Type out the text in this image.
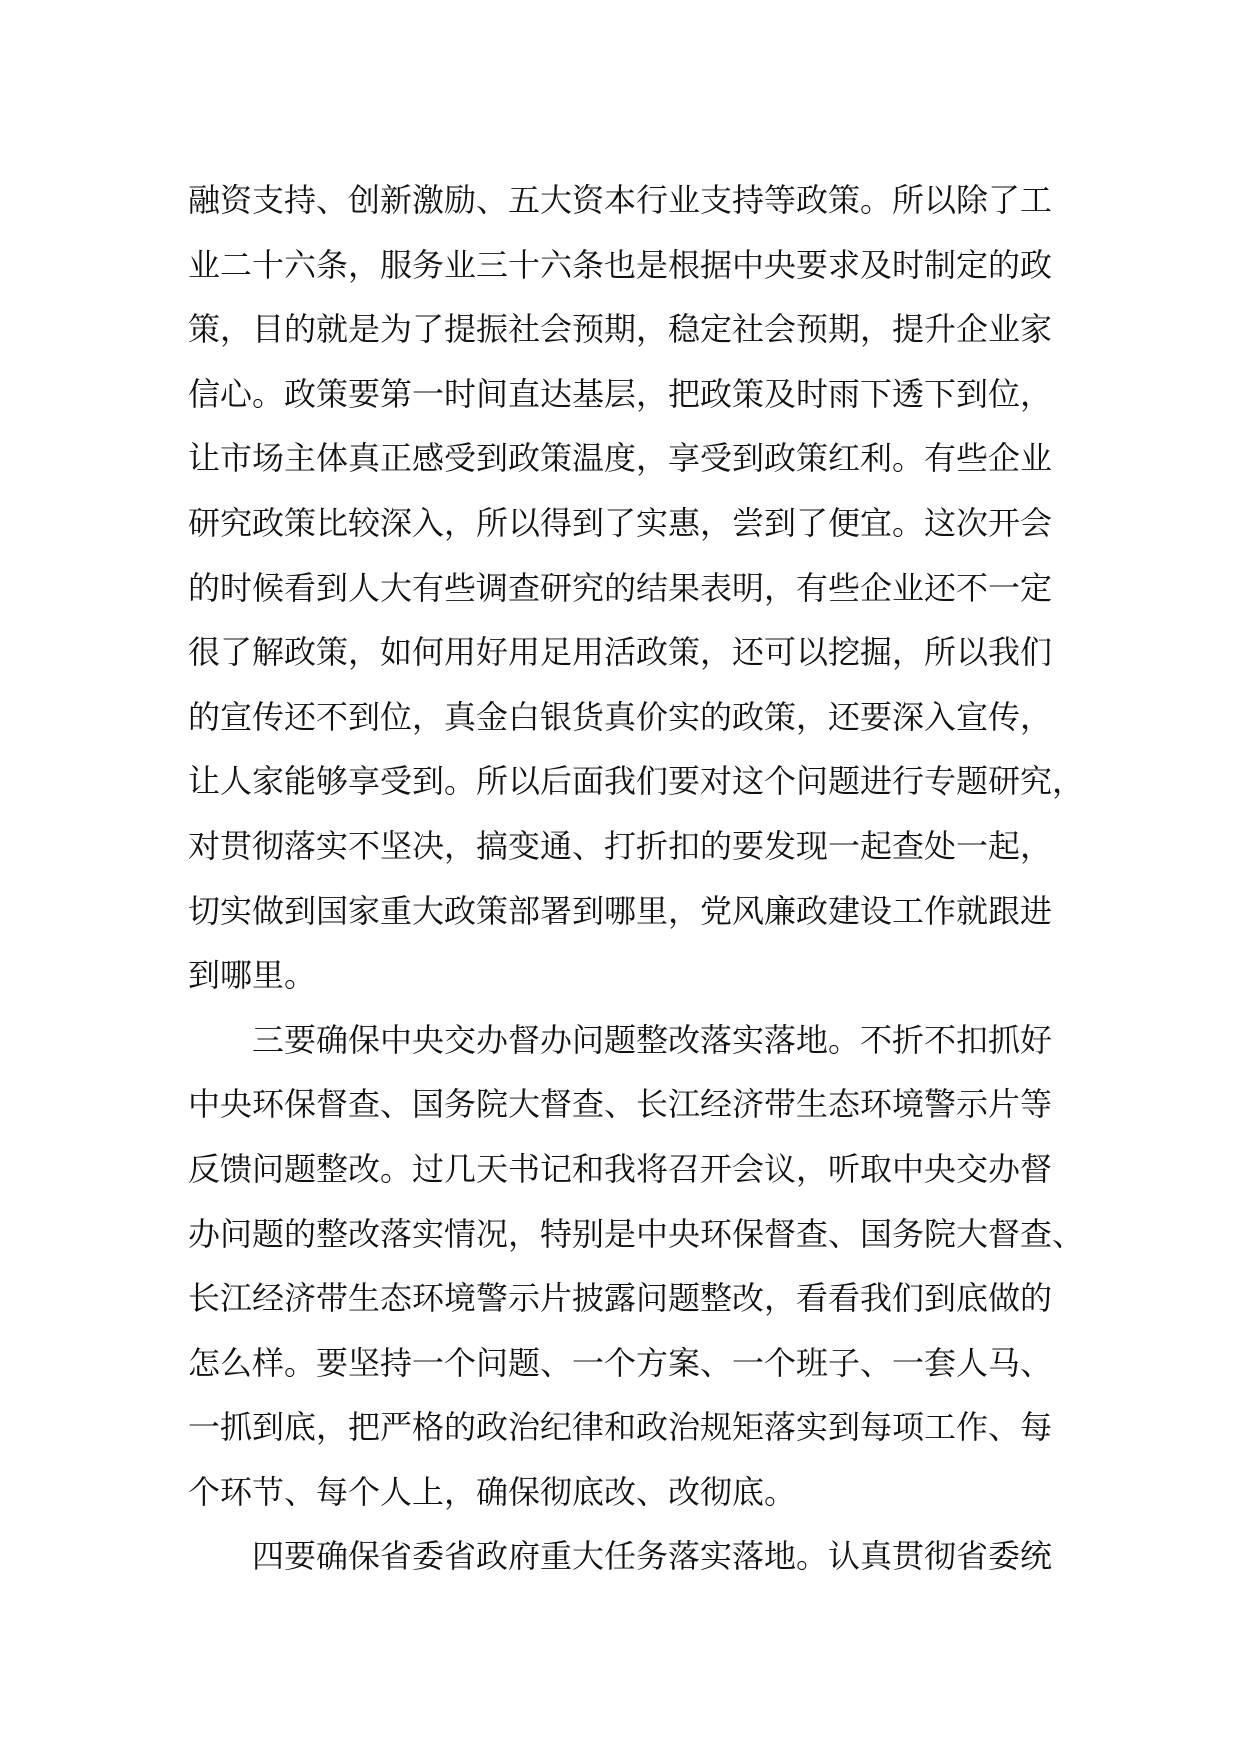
融资支持、创新激励、五大资本行业支持等政策。所以除了工
业二十六条，服务业三十六条也是根据中央要求及时制定的政
策，目的就是为了提振社会预期，稳定社会预期，提升企业家
信心。政策要第一时间直达基层，把政策及时雨下透下到位，
让市场主体真正感受到政策温度，享受到政策红利。有些企业
研究政策比较深入，所以得到了实惠，尝到了便宜。这次开会
的时候看到人大有些调查研究的结果表明，有些企业还不一定
很了解政策，如何用好用足用活政策，还可以挖掘，所以我们
的宣传还不到位，真金白银货真价实的政策，还要深入宣传，
让人家能够享受到。所以后面我们要对这个问题进行专题研究，
对贯彻落实不坚决，搞变通、打折扣的要发现一起查处一起，
切实做到国家重大政策部署到哪里，党风廉政建设工作就跟进
到哪里。
三要确保中央交办督办问题整改落实落地。不折不扣抓好
中央环保督查、国务院大督查、长江经济带生态环境警示片等
反馈问题整改。过几天书记和我将召开会议，听取中央交办督
办问题的整改落实情况，特别是中央环保督查、国务院大督查、
长江经济带生态环境警示片披露问题整改，看看我们到底做的
怎么样。要坚持一个问题、一个方案、一个班子、一套人马、
一抓到底，把严格的政治纪律和政治规矩落实到每项工作、每
个环节、每个人上，确保彻底改、改彻底。
四要确保省委省政府重大任务落实落地。认真贯彻省委统
